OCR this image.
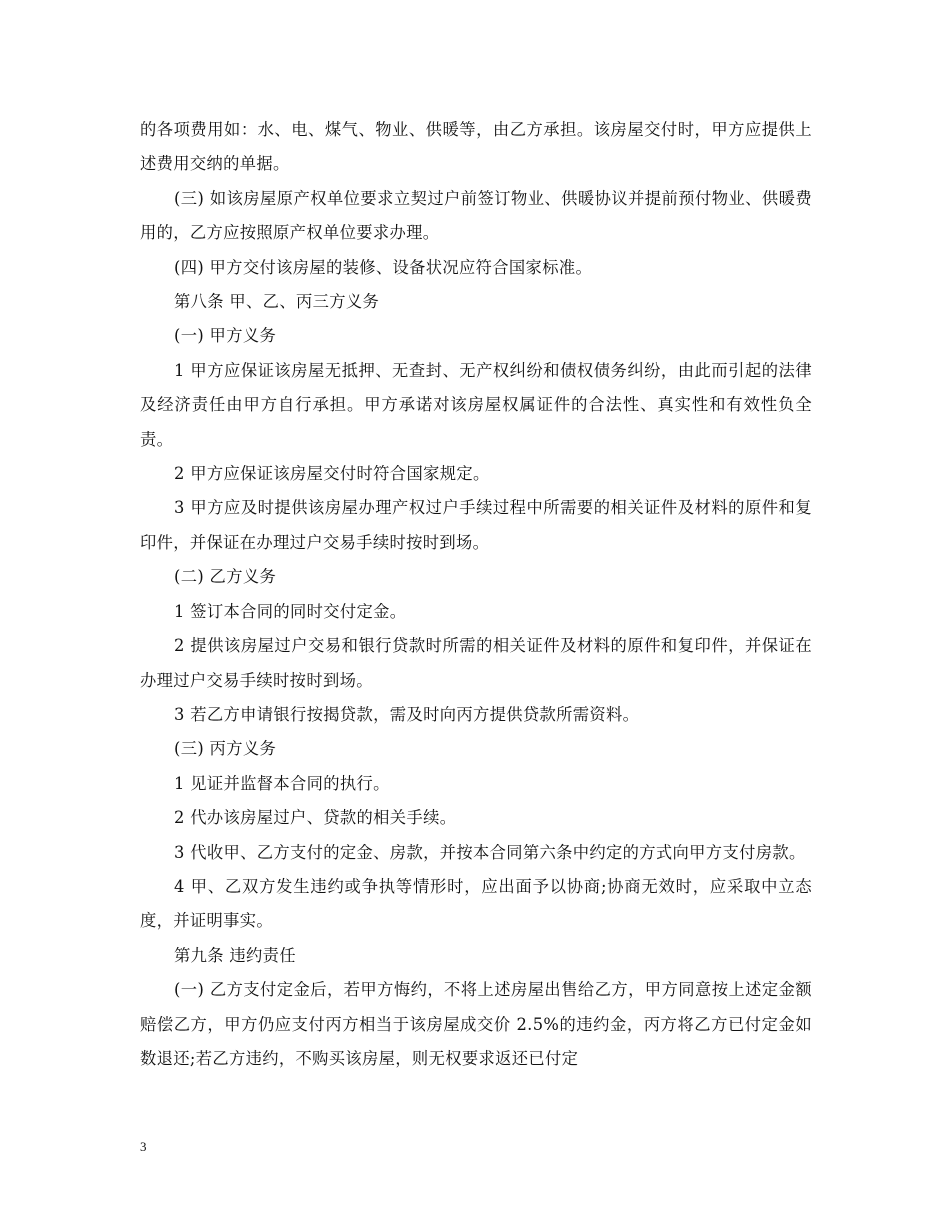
的各项费用如：水、电、煤气、物业、供暖等，由乙方承担。该房屋交付时，甲方应提供上述费用交纳的单据。

(三) 如该房屋原产权单位要求立契过户前签订物业、供暖协议并提前预付物业、供暖费用的，乙方应按照原产权单位要求办理。

(四) 甲方交付该房屋的装修、设备状况应符合国家标准。

第八条 甲、乙、丙三方义务

(一) 甲方义务

1 甲方应保证该房屋无抵押、无查封、无产权纠纷和债权债务纠纷，由此而引起的法律及经济责任由甲方自行承担。甲方承诺对该房屋权属证件的合法性、真实性和有效性负全责。

2 甲方应保证该房屋交付时符合国家规定。

3 甲方应及时提供该房屋办理产权过户手续过程中所需要的相关证件及材料的原件和复印件，并保证在办理过户交易手续时按时到场。

(二) 乙方义务

1 签订本合同的同时交付定金。

2 提供该房屋过户交易和银行贷款时所需的相关证件及材料的原件和复印件，并保证在办理过户交易手续时按时到场。

3 若乙方申请银行按揭贷款，需及时向丙方提供贷款所需资料。

(三) 丙方义务

1 见证并监督本合同的执行。

2 代办该房屋过户、贷款的相关手续。

3 代收甲、乙方支付的定金、房款，并按本合同第六条中约定的方式向甲方支付房款。

4 甲、乙双方发生违约或争执等情形时，应出面予以协商;协商无效时，应采取中立态度，并证明事实。

第九条 违约责任

(一) 乙方支付定金后，若甲方悔约，不将上述房屋出售给乙方，甲方同意按上述定金额赔偿乙方，甲方仍应支付丙方相当于该房屋成交价 2.5%的违约金，丙方将乙方已付定金如数退还;若乙方违约，不购买该房屋，则无权要求返还已付定

3
